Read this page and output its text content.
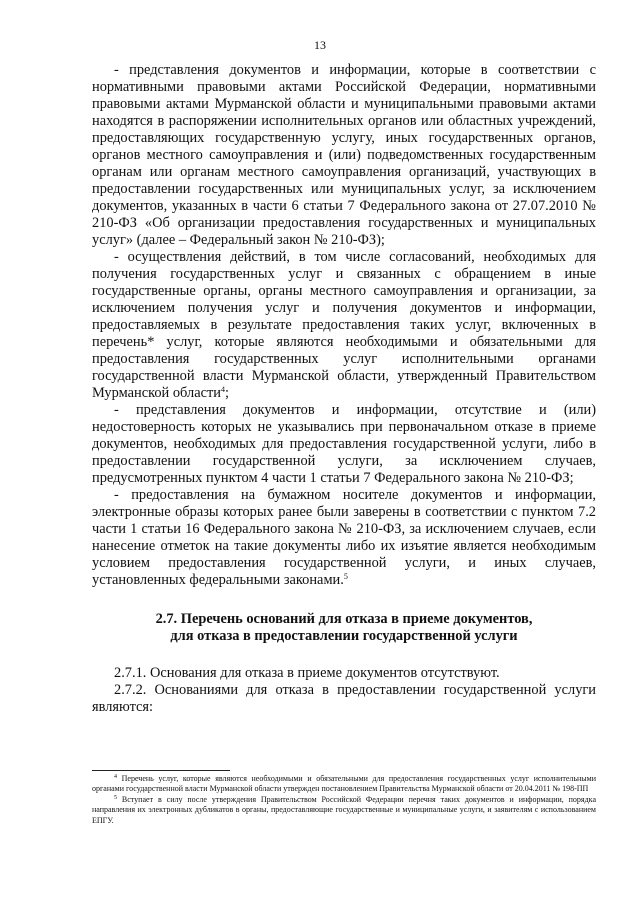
13

- представления документов и информации, которые в соответствии с нормативными правовыми актами Российской Федерации, нормативными правовыми актами Мурманской области и муниципальными правовыми актами находятся в распоряжении исполнительных органов или областных учреждений, предоставляющих государственную услугу, иных государственных органов, органов местного самоуправления и (или) подведомственных государственным органам или органам местного самоуправления организаций, участвующих в предоставлении государственных или муниципальных услуг, за исключением документов, указанных в части 6 статьи 7 Федерального закона от 27.07.2010 № 210-ФЗ «Об организации предоставления государственных и муниципальных услуг» (далее – Федеральный закон № 210-ФЗ);

- осуществления действий, в том числе согласований, необходимых для получения государственных услуг и связанных с обращением в иные государственные органы, органы местного самоуправления и организации, за исключением получения услуг и получения документов и информации, предоставляемых в результате предоставления таких услуг, включенных в перечень* услуг, которые являются необходимыми и обязательными для предоставления государственных услуг исполнительными органами государственной власти Мурманской области, утвержденный Правительством Мурманской области$^4$;

- представления документов и информации, отсутствие и (или) недостоверность которых не указывались при первоначальном отказе в приеме документов, необходимых для предоставления государственной услуги, либо в предоставлении государственной услуги, за исключением случаев, предусмотренных пунктом 4 части 1 статьи 7 Федерального закона № 210-ФЗ;

- предоставления на бумажном носителе документов и информации, электронные образы которых ранее были заверены в соответствии с пунктом 7.2 части 1 статьи 16 Федерального закона № 210-ФЗ, за исключением случаев, если нанесение отметок на такие документы либо их изъятие является необходимым условием предоставления государственной услуги, и иных случаев, установленных федеральными законами.$^5$

2.7. Перечень оснований для отказа в приеме документов,
для отказа в предоставлении государственной услуги

2.7.1. Основания для отказа в приеме документов отсутствуют.

2.7.2. Основаниями для отказа в предоставлении государственной услуги являются:

$^4$ Перечень услуг, которые являются необходимыми и обязательными для предоставления государственных услуг исполнительными органами государственной власти Мурманской области утвержден постановлением Правительства Мурманской области от 20.04.2011 № 198-ПП

$^5$ Вступает в силу после утверждения Правительством Российской Федерации перечня таких документов и информации, порядка направления их электронных дубликатов в органы, предоставляющие государственные и муниципальные услуги, и заявителям с использованием ЕПГУ.
